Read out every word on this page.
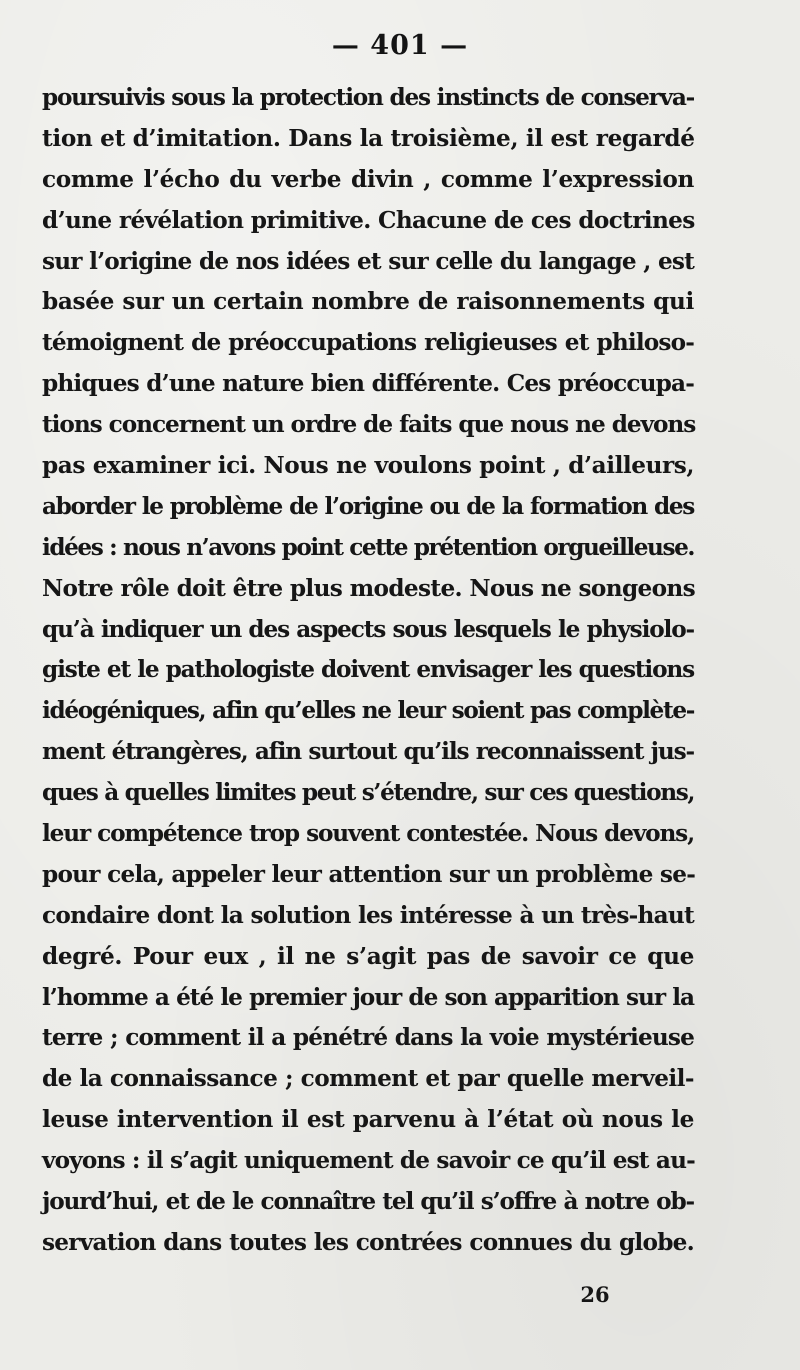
— 401 —
poursuivis sous la protection des instincts de conserva-
tion et d’imitation. Dans la troisième, il est regardé
comme l’écho du verbe divin , comme l’expression
d’une révélation primitive. Chacune de ces doctrines
sur l’origine de nos idées et sur celle du langage , est
basée sur un certain nombre de raisonnements qui
témoignent de préoccupations religieuses et philoso-
phiques d’une nature bien différente. Ces préoccupa-
tions concernent un ordre de faits que nous ne devons
pas examiner ici. Nous ne voulons point , d’ailleurs,
aborder le problème de l’origine ou de la formation des
idées : nous n’avons point cette prétention orgueilleuse.
Notre rôle doit être plus modeste. Nous ne songeons
qu’à indiquer un des aspects sous lesquels le physiolo-
giste et le pathologiste doivent envisager les questions
idéogéniques, afin qu’elles ne leur soient pas complète-
ment étrangères, afin surtout qu’ils reconnaissent jus-
ques à quelles limites peut s’étendre, sur ces questions,
leur compétence trop souvent contestée. Nous devons,
pour cela, appeler leur attention sur un problème se-
condaire dont la solution les intéresse à un très-haut
degré. Pour eux , il ne s’agit pas de savoir ce que
l’homme a été le premier jour de son apparition sur la
terre ; comment il a pénétré dans la voie mystérieuse
de la connaissance ; comment et par quelle merveil-
leuse intervention il est parvenu à l’état où nous le
voyons : il s’agit uniquement de savoir ce qu’il est au-
jourd’hui, et de le connaître tel qu’il s’offre à notre ob-
servation dans toutes les contrées connues du globe.
26
